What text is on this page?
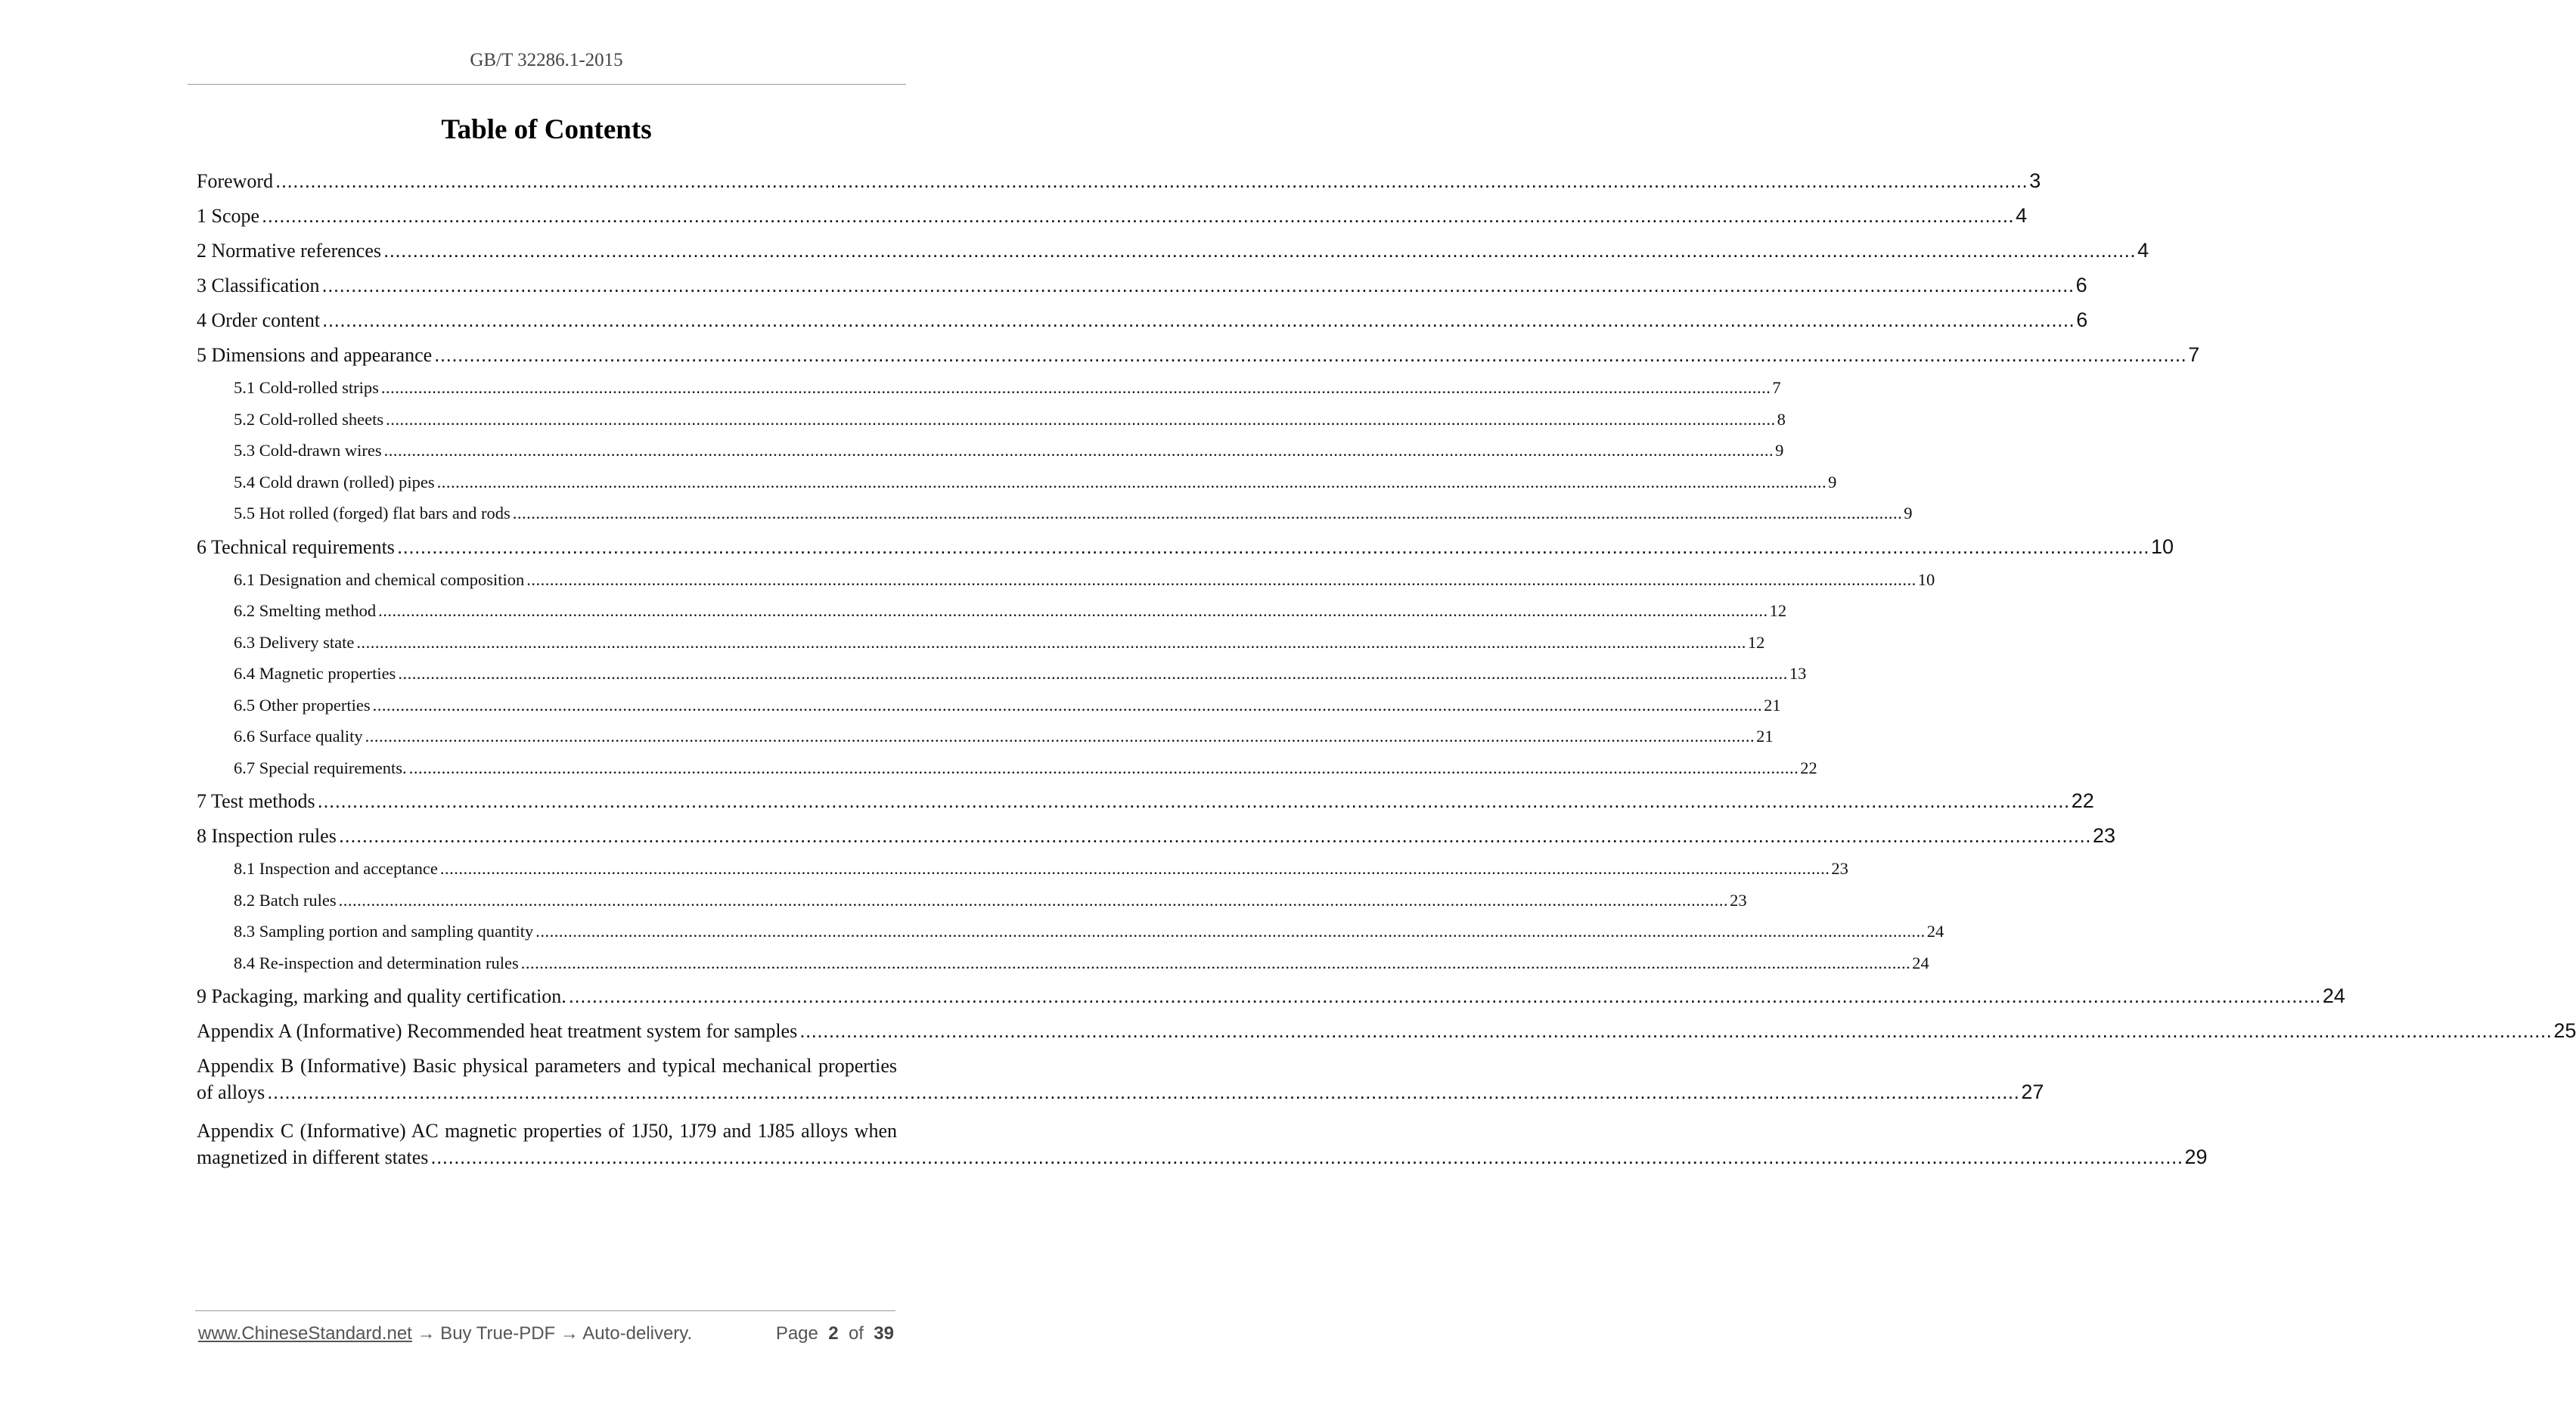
GB/T 32286.1-2015
Table of Contents
Foreword ............................................................................................................................................................................................................................................................................................................ 3
1 Scope ............................................................................................................................................................................................................................................................................................................ 4
2 Normative references ............................................................................................................................................................................................................................................................................................................ 4
3 Classification ............................................................................................................................................................................................................................................................................................................ 6
4 Order content ............................................................................................................................................................................................................................................................................................................ 6
5 Dimensions and appearance ............................................................................................................................................................................................................................................................................................................ 7
5.1 Cold-rolled strips ............................................................................................................................................................................................................................................................................................................ 7
5.2 Cold-rolled sheets ............................................................................................................................................................................................................................................................................................................ 8
5.3 Cold-drawn wires ............................................................................................................................................................................................................................................................................................................ 9
5.4 Cold drawn (rolled) pipes ............................................................................................................................................................................................................................................................................................................ 9
5.5 Hot rolled (forged) flat bars and rods ............................................................................................................................................................................................................................................................................................................ 9
6 Technical requirements ............................................................................................................................................................................................................................................................................................................ 10
6.1 Designation and chemical composition ............................................................................................................................................................................................................................................................................................................ 10
6.2 Smelting method ............................................................................................................................................................................................................................................................................................................ 12
6.3 Delivery state ............................................................................................................................................................................................................................................................................................................ 12
6.4 Magnetic properties ............................................................................................................................................................................................................................................................................................................ 13
6.5 Other properties ............................................................................................................................................................................................................................................................................................................ 21
6.6 Surface quality ............................................................................................................................................................................................................................................................................................................ 21
6.7 Special requirements. ............................................................................................................................................................................................................................................................................................................ 22
7 Test methods ............................................................................................................................................................................................................................................................................................................ 22
8 Inspection rules ............................................................................................................................................................................................................................................................................................................ 23
8.1 Inspection and acceptance ............................................................................................................................................................................................................................................................................................................ 23
8.2 Batch rules ............................................................................................................................................................................................................................................................................................................ 23
8.3 Sampling portion and sampling quantity ............................................................................................................................................................................................................................................................................................................ 24
8.4 Re-inspection and determination rules ............................................................................................................................................................................................................................................................................................................ 24
9 Packaging, marking and quality certification. ............................................................................................................................................................................................................................................................................................................ 24
Appendix A (Informative) Recommended heat treatment system for samples ............................................................................................................................................................................................................................................................................................................ 25
Appendix B (Informative) Basic physical parameters and typical mechanical properties
of alloys ............................................................................................................................................................................................................................................................................................................ 27
Appendix C (Informative) AC magnetic properties of 1J50, 1J79 and 1J85 alloys when
magnetized in different states ............................................................................................................................................................................................................................................................................................................ 29
www.ChineseStandard.net → Buy True-PDF → Auto-delivery.	Page 2 of 39
